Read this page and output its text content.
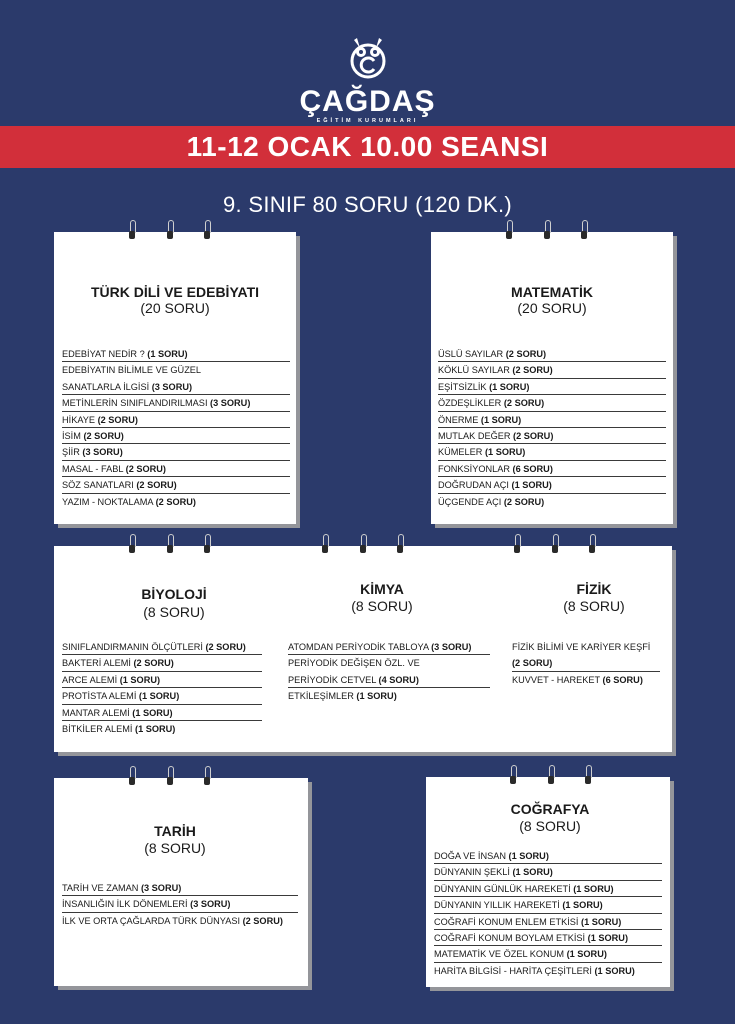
ÇAĞDAŞ
EĞİTİM KURUMLARI
11-12 OCAK 10.00 SEANSI
9. SINIF 80 SORU (120 DK.)
TÜRK DİLİ VE EDEBİYATI
(20 SORU)
EDEBİYAT NEDİR ? (1 SORU)
EDEBİYATIN BİLİMLE VE GÜZEL
SANATLARLA İLGİSİ (3 SORU)
METİNLERİN SINIFLANDIRILMASI (3 SORU)
HİKAYE (2 SORU)
İSİM (2 SORU)
ŞİİR (3 SORU)
MASAL - FABL (2 SORU)
SÖZ SANATLARI (2 SORU)
YAZIM - NOKTALAMA (2 SORU)
MATEMATİK
(20 SORU)
ÜSLÜ SAYILAR (2 SORU)
KÖKLÜ SAYILAR (2 SORU)
EŞİTSİZLİK (1 SORU)
ÖZDEŞLİKLER (2 SORU)
ÖNERME (1 SORU)
MUTLAK DEĞER (2 SORU)
KÜMELER (1 SORU)
FONKSİYONLAR (6 SORU)
DOĞRUDAN AÇI (1 SORU)
ÜÇGENDE AÇI (2 SORU)
BİYOLOJİ
(8 SORU)
SINIFLANDIRMANIN ÖLÇÜTLERİ (2 SORU)
BAKTERİ ALEMİ (2 SORU)
ARCE ALEMİ (1 SORU)
PROTİSTA ALEMİ (1 SORU)
MANTAR ALEMİ (1 SORU)
BİTKİLER ALEMİ (1 SORU)
KİMYA
(8 SORU)
ATOMDAN PERİYODİK TABLOYA (3 SORU)
PERİYODİK DEĞİŞEN ÖZL. VE
PERİYODİK CETVEL (4 SORU)
ETKİLEŞİMLER (1 SORU)
FİZİK
(8 SORU)
FİZİK BİLİMİ VE KARİYER KEŞFİ
(2 SORU)
KUVVET - HAREKET (6 SORU)
TARİH
(8 SORU)
TARİH VE ZAMAN (3 SORU)
İNSANLIĞIN İLK DÖNEMLERİ (3 SORU)
İLK VE ORTA ÇAĞLARDA TÜRK DÜNYASI (2 SORU)
COĞRAFYA
(8 SORU)
DOĞA VE İNSAN (1 SORU)
DÜNYANIN ŞEKLİ (1 SORU)
DÜNYANIN GÜNLÜK HAREKETİ (1 SORU)
DÜNYANIN YILLIK HAREKETİ (1 SORU)
COĞRAFİ KONUM ENLEM ETKİSİ (1 SORU)
COĞRAFİ KONUM BOYLAM ETKİSİ (1 SORU)
MATEMATİK VE ÖZEL KONUM (1 SORU)
HARİTA BİLGİSİ - HARİTA ÇEŞİTLERİ (1 SORU)
